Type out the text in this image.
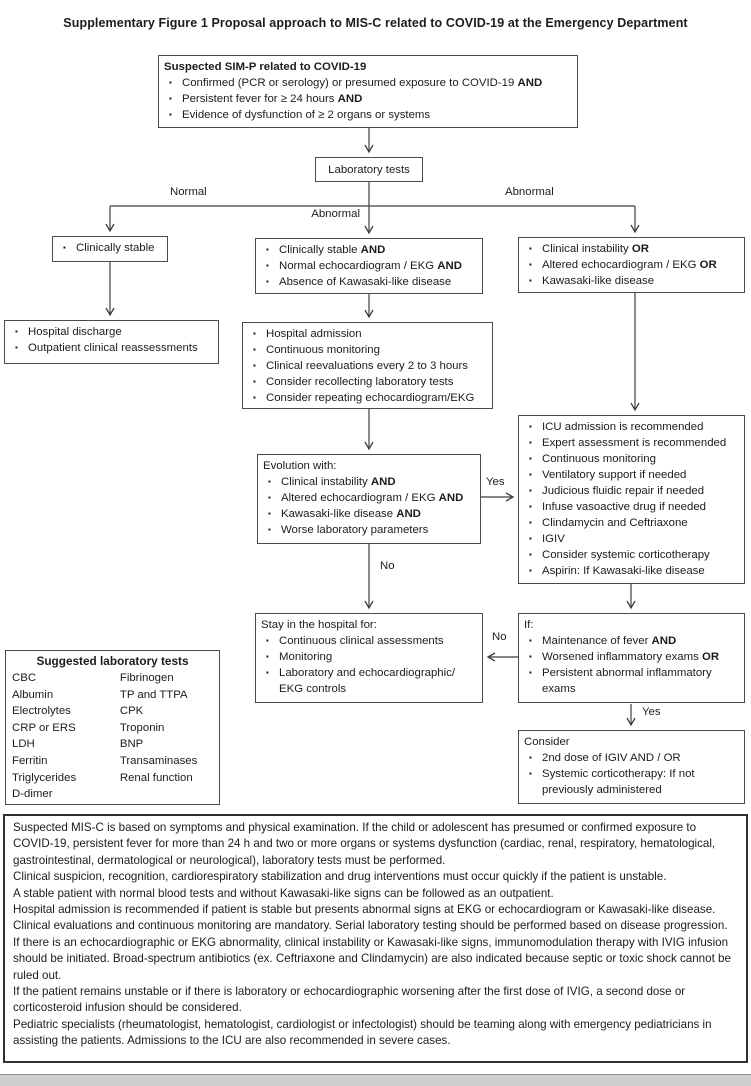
Supplementary Figure 1 Proposal approach to MIS-C related to COVID-19 at the Emergency Department
Suspected SIM-P related to COVID-19
▪ Confirmed (PCR or serology) or presumed exposure to COVID-19 AND
▪ Persistent fever for ≥ 24 hours AND
▪ Evidence of dysfunction of ≥ 2 organs or systems
Laboratory tests
▪ Clinically stable	▪ Clinically stable AND
▪ Normal echocardiogram / EKG AND
▪ Absence of Kawasaki-like disease
▪ Clinical instability OR
▪ Altered echocardiogram / EKG OR
▪ Kawasaki-like disease
▪ Hospital discharge
▪ Outpatient clinical reassessments
▪ Hospital admission
▪ Continuous monitoring
▪ Clinical reevaluations every 2 to 3 hours
▪ Consider recollecting laboratory tests
▪ Consider repeating echocardiogram/EKG
Evolution with:
▪ Clinical instability AND
▪ Altered echocardiogram / EKG AND
▪ Kawasaki-like disease AND
▪ Worse laboratory parameters
▪ ICU admission is recommended
▪ Expert assessment is recommended
▪ Continuous monitoring
▪ Ventilatory support if needed
▪ Judicious fluidic repair if needed
▪ Infuse vasoactive drug if needed
▪ Clindamycin and Ceftriaxone
▪ IGIV
▪ Consider systemic corticotherapy
▪ Aspirin: If Kawasaki-like disease
Stay in the hospital for:
▪ Continuous clinical assessments
▪ Monitoring
▪ Laboratory and echocardiographic/ EKG controls
If:
▪ Maintenance of fever AND
▪ Worsened inflammatory exams OR
▪ Persistent abnormal inflammatory exams
Consider
▪ 2nd dose of IGIV AND / OR
▪ Systemic corticotherapy: If not previously administered
Suggested laboratory tests
CBC
Albumin
Electrolytes
CRP or ERS
LDH
Ferritin
Triglycerides
D-dimer
Fibrinogen
TP and TTPA
CPK
Troponin
BNP
Transaminases
Renal function

Suspected MIS-C is based on symptoms and physical examination. If the child or adolescent has presumed or confirmed exposure to COVID-19, persistent fever for more than 24 h and two or more organs or systems dysfunction (cardiac, renal, respiratory, hematological, gastrointestinal, dermatological or neurological), laboratory tests must be performed.

Clinical suspicion, recognition, cardiorespiratory stabilization and drug interventions must occur quickly if the patient is unstable.

A stable patient with normal blood tests and without Kawasaki-like signs can be followed as an outpatient.

Hospital admission is recommended if patient is stable but presents abnormal signs at EKG or echocardiogram or Kawasaki-like disease. Clinical evaluations and continuous monitoring are mandatory. Serial laboratory testing should be performed based on disease progression.

If there is an echocardiographic or EKG abnormality, clinical instability or Kawasaki-like signs, immunomodulation therapy with IVIG infusion should be initiated. Broad-spectrum antibiotics (ex. Ceftriaxone and Clindamycin) are also indicated because septic or toxic shock cannot be ruled out.

If the patient remains unstable or if there is laboratory or echocardiographic worsening after the first dose of IVIG, a second dose or corticosteroid infusion should be considered.

Pediatric specialists (rheumatologist, hematologist, cardiologist or infectologist) should be teaming along with emergency pediatricians in assisting the patients. Admissions to the ICU are also recommended in severe cases.

Normal	Abnormal
Abnormal
Yes
No
No
Yes
